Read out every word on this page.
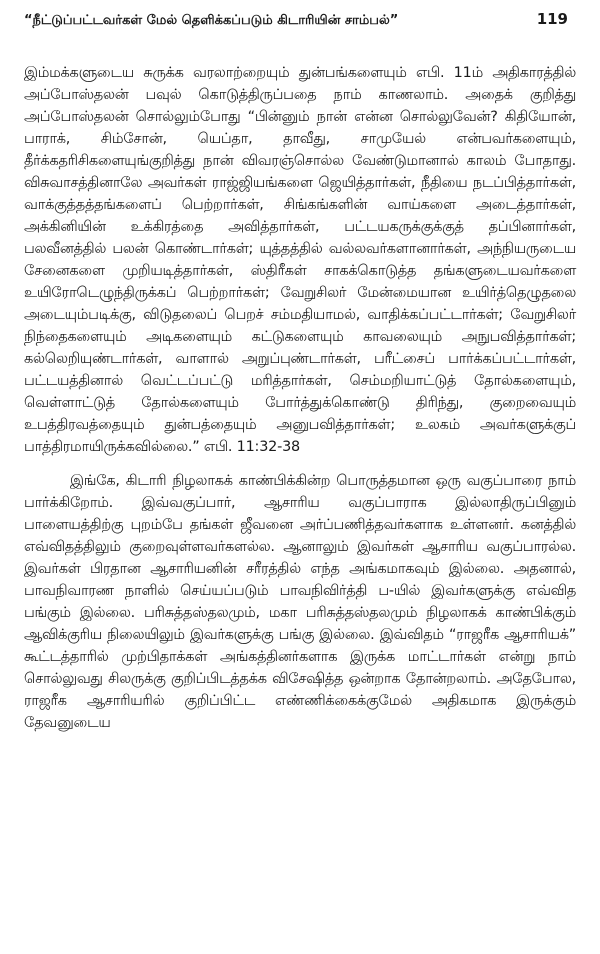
“நீட்டுப்பட்டவர்கள் மேல் தெளிக்கப்படும் கிடாரியின் சாம்பல்”	119

இம்மக்களுடைய சுருக்க வரலாற்றையும் துன்பங்களையும் எபி. 11ம் அதிகாரத்தில் அப்போஸ்தலன் பவுல் கொடுத்திருப்பதை நாம் காணலாம். அதைக் குறித்து அப்போஸ்தலன் சொல்லும்போது “பின்னும் நான் என்ன சொல்லுவேன்? கிதியோன், பாராக், சிம்சோன், யெப்தா, தாவீது, சாமுயேல் என்பவர்களையும், தீர்க்கதரிசிகளையுங்குறித்து நான் விவரஞ்சொல்ல வேண்டுமானால் காலம் போதாது. விசுவாசத்தினாலே அவர்கள் ராஜ்ஜியங்களை ஜெயித்தார்கள், நீதியை நடப்பித்தார்கள், வாக்குத்தத்தங்களைப் பெற்றார்கள், சிங்கங்களின் வாய்களை அடைத்தார்கள், அக்கினியின் உக்கிரத்தை அவித்தார்கள், பட்டயகருக்குக்குத் தப்பினார்கள், பலவீனத்தில் பலன் கொண்டார்கள்; யுத்தத்தில் வல்லவர்களானார்கள், அந்நியருடைய சேனைகளை முறியடித்தார்கள், ஸ்திரீகள் சாகக்கொடுத்த தங்களுடையவர்களை உயிரோடெழுந்திருக்கப் பெற்றார்கள்; வேறுசிலர் மேன்மையான உயிர்த்தெழுதலை அடையும்படிக்கு, விடுதலைப் பெறச் சம்மதியாமல், வாதிக்கப்பட்டார்கள்; வேறுசிலர் நிந்தைகளையும் அடிகளையும் கட்டுகளையும் காவலையும் அநுபவித்தார்கள்; கல்லெறியுண்டார்கள், வாளால் அறுப்புண்டார்கள், பரீட்சைப் பார்க்கப்பட்டார்கள், பட்டயத்தினால் வெட்டப்பட்டு மரித்தார்கள், செம்மறியாட்டுத் தோல்களையும், வெள்ளாட்டுத் தோல்களையும் போர்த்துக்கொண்டு திரிந்து, குறைவையும் உபத்திரவத்தையும் துன்பத்தையும் அனுபவித்தார்கள்; உலகம் அவர்களுக்குப் பாத்திரமாயிருக்கவில்லை.” எபி. 11:32-38

இங்கே, கிடாரி நிழலாகக் காண்பிக்கின்ற பொருத்தமான ஒரு வகுப்பாரை நாம் பார்க்கிறோம். இவ்வகுப்பார், ஆசாரிய வகுப்பாராக இல்லாதிருப்பினும் பாளையத்திற்கு புறம்பே தங்கள் ஜீவனை அர்ப்பணித்தவர்களாக உள்ளனர். கனத்தில் எவ்விதத்திலும் குறைவுள்ளவர்களல்ல. ஆனாலும் இவர்கள் ஆசாரிய வகுப்பாரல்ல. இவர்கள் பிரதான ஆசாரியனின் சரீரத்தில் எந்த அங்கமாகவும் இல்லை. அதனால், பாவநிவாரண நாளில் செய்யப்படும் பாவநிவிர்த்தி ப-யில் இவர்களுக்கு எவ்வித பங்கும் இல்லை. பரிசுத்தஸ்தலமும், மகா பரிசுத்தஸ்தலமும் நிழலாகக் காண்பிக்கும் ஆவிக்குரிய நிலையிலும் இவர்களுக்கு பங்கு இல்லை. இவ்விதம் “ராஜரீக ஆசாரியக்” கூட்டத்தாரில் முற்பிதாக்கள் அங்கத்தினர்களாக இருக்க மாட்டார்கள் என்று நாம் சொல்லுவது சிலருக்கு குறிப்பிடத்தக்க விசேஷித்த ஒன்றாக தோன்றலாம். அதேபோல, ராஜரீக ஆசாரியரில் குறிப்பிட்ட எண்ணிக்கைக்குமேல் அதிகமாக இருக்கும் தேவனுடைய
